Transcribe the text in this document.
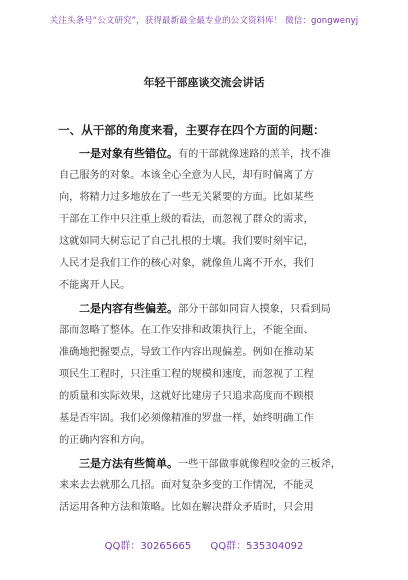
关注头条号“公文研究”，获得最新最全最专业的公文资料库！ 微信：gongwenyj
年轻干部座谈交流会讲话
一、从干部的角度来看，主要存在四个方面的问题：
一是对象有些错位。有的干部就像迷路的羔羊，找不准
自己服务的对象。本该全心全意为人民，却有时偏离了方
向，将精力过多地放在了一些无关紧要的方面。比如某些
干部在工作中只注重上级的看法，而忽视了群众的需求，
这就如同大树忘记了自己扎根的土壤。我们要时刻牢记，
人民才是我们工作的核心对象，就像鱼儿离不开水，我们
不能离开人民。
二是内容有些偏差。部分干部如同盲人摸象，只看到局
部而忽略了整体。在工作安排和政策执行上，不能全面、
准确地把握要点，导致工作内容出现偏差。例如在推动某
项民生工程时，只注重工程的规模和速度，而忽视了工程
的质量和实际效果，这就好比建房子只追求高度而不顾根
基是否牢固。我们必须像精准的罗盘一样，始终明确工作
的正确内容和方向。
三是方法有些简单。一些干部做事就像程咬金的三板斧，
来来去去就那么几招。面对复杂多变的工作情况，不能灵
活运用各种方法和策略。比如在解决群众矛盾时，只会用
QQ群：30265665 QQ群：535304092
